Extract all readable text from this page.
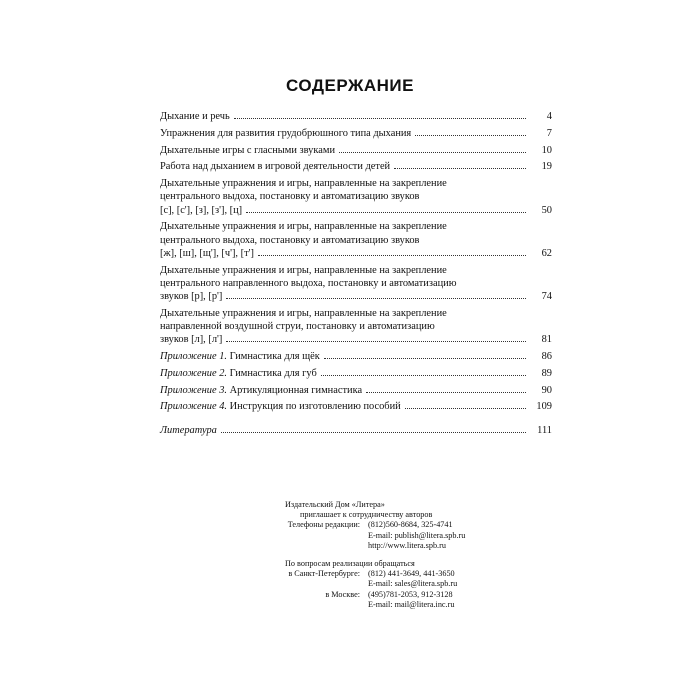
СОДЕРЖАНИЕ
Дыхание и речь	4
Упражнения для развития грудобрюшного типа дыхания	7
Дыхательные игры с гласными звуками	10
Работа над дыханием в игровой деятельности детей	19
Дыхательные упражнения и игры, направленные на закрепление
центрального выдоха, постановку и автоматизацию звуков
[с], [с'], [з], [з'], [ц]	50
Дыхательные упражнения и игры, направленные на закрепление
центрального выдоха, постановку и автоматизацию звуков
[ж], [ш], [щ'], [ч'], [т']	62
Дыхательные упражнения и игры, направленные на закрепление
центрального направленного выдоха, постановку и автоматизацию
звуков [р], [р']	74
Дыхательные упражнения и игры, направленные на закрепление
направленной воздушной струи, постановку и автоматизацию
звуков [л], [л']	81
Приложение 1. Гимнастика для щёк	86
Приложение 2. Гимнастика для губ	89
Приложение 3. Артикуляционная гимнастика	90
Приложение 4. Инструкция по изготовлению пособий	109
Литература	111
Издательский Дом «Литера»
приглашает к сотрудничеству авторов
Телефоны редакции: (812)560-8684, 325-4741
E-mail: publish@litera.spb.ru
http://www.litera.spb.ru
По вопросам реализации обращаться
в Санкт-Петербурге: (812) 441-3649, 441-3650
E-mail: sales@litera.spb.ru
в Москве: (495)781-2053, 912-3128
E-mail: mail@litera.inc.ru
